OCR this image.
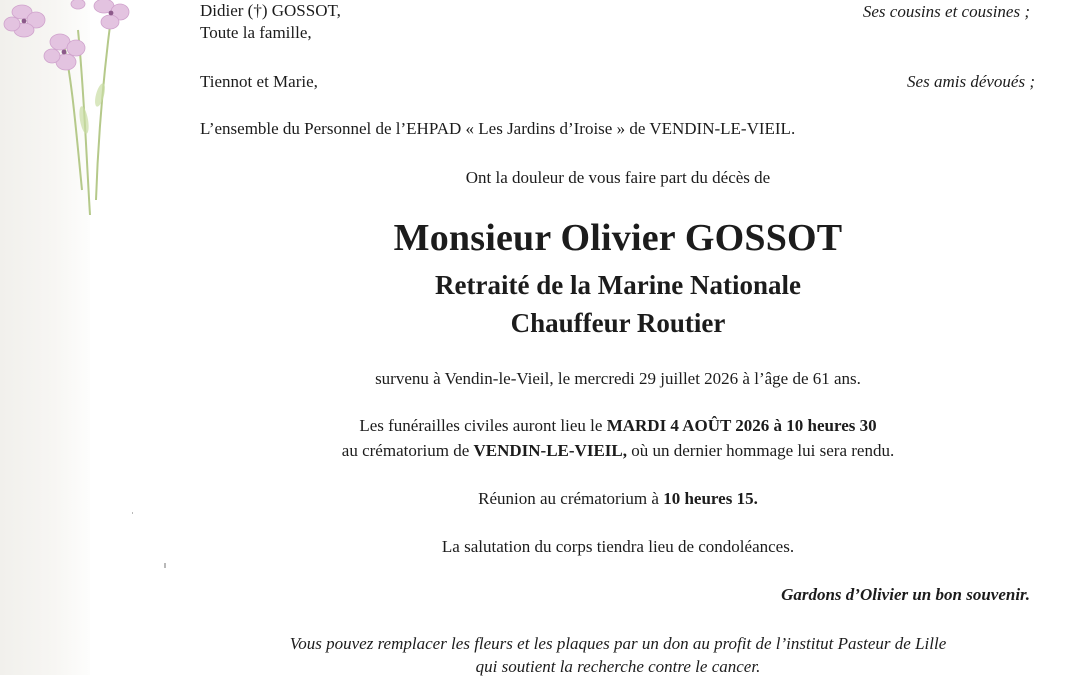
Didier (†) GOSSOT,
Toute la famille,
Tiennot et Marie,
L’ensemble du Personnel de l’EHPAD « Les Jardins d’Iroise » de VENDIN-LE-VIEIL.
Ses cousins et cousines ;
Ses amis dévoués ;
Ont la douleur de vous faire part du décès de
Monsieur Olivier GOSSOT
Retraité de la Marine Nationale
Chauffeur Routier
survenu à Vendin-le-Vieil, le mercredi 29 juillet 2026 à l’âge de 61 ans.
Les funérailles civiles auront lieu le MARDI 4 AOÛT 2026 à 10 heures 30
au crématorium de VENDIN-LE-VIEIL, où un dernier hommage lui sera rendu.
Réunion au crématorium à 10 heures 15.
La salutation du corps tiendra lieu de condoléances.
Gardons d’Olivier un bon souvenir.
Vous pouvez remplacer les fleurs et les plaques par un don au profit de l’institut Pasteur de Lille
qui soutient la recherche contre le cancer.
